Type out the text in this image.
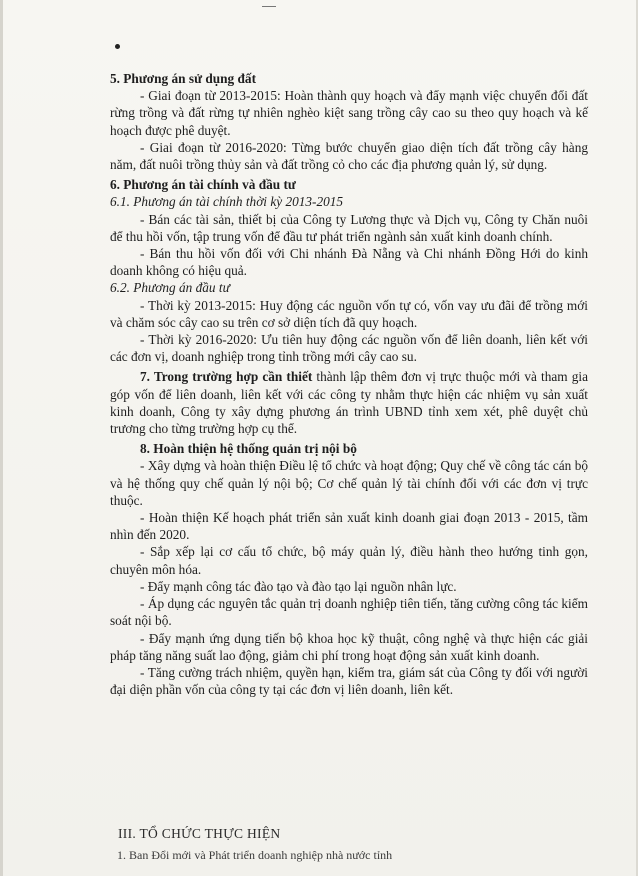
5. Phương án sử dụng đất

- Giai đoạn từ 2013-2015: Hoàn thành quy hoạch và đẩy mạnh việc chuyển đổi đất rừng trồng và đất rừng tự nhiên nghèo kiệt sang trồng cây cao su theo quy hoạch và kế hoạch được phê duyệt.

- Giai đoạn từ 2016-2020: Từng bước chuyển giao diện tích đất trồng cây hàng năm, đất nuôi trồng thủy sản và đất trồng cỏ cho các địa phương quản lý, sử dụng.

6. Phương án tài chính và đầu tư

6.1. Phương án tài chính thời kỳ 2013-2015

- Bán các tài sản, thiết bị của Công ty Lương thực và Dịch vụ, Công ty Chăn nuôi để thu hồi vốn, tập trung vốn để đầu tư phát triển ngành sản xuất kinh doanh chính.

- Bán thu hồi vốn đối với Chi nhánh Đà Nẵng và Chi nhánh Đồng Hới do kinh doanh không có hiệu quả.

6.2. Phương án đầu tư

- Thời kỳ 2013-2015: Huy động các nguồn vốn tự có, vốn vay ưu đãi để trồng mới và chăm sóc cây cao su trên cơ sở diện tích đã quy hoạch.

- Thời kỳ 2016-2020: Ưu tiên huy động các nguồn vốn để liên doanh, liên kết với các đơn vị, doanh nghiệp trong tỉnh trồng mới cây cao su.

7. Trong trường hợp cần thiết thành lập thêm đơn vị trực thuộc mới và tham gia góp vốn để liên doanh, liên kết với các công ty nhằm thực hiện các nhiệm vụ sản xuất kinh doanh, Công ty xây dựng phương án trình UBND tỉnh xem xét, phê duyệt chủ trương cho từng trường hợp cụ thể.

8. Hoàn thiện hệ thống quản trị nội bộ

- Xây dựng và hoàn thiện Điều lệ tổ chức và hoạt động; Quy chế về công tác cán bộ và hệ thống quy chế quản lý nội bộ; Cơ chế quản lý tài chính đối với các đơn vị trực thuộc.

- Hoàn thiện Kế hoạch phát triển sản xuất kinh doanh giai đoạn 2013 - 2015, tầm nhìn đến 2020.

- Sắp xếp lại cơ cấu tổ chức, bộ máy quản lý, điều hành theo hướng tinh gọn, chuyên môn hóa.

- Đẩy mạnh công tác đào tạo và đào tạo lại nguồn nhân lực.

- Áp dụng các nguyên tắc quản trị doanh nghiệp tiên tiến, tăng cường công tác kiểm soát nội bộ.

- Đẩy mạnh ứng dụng tiến bộ khoa học kỹ thuật, công nghệ và thực hiện các giải pháp tăng năng suất lao động, giảm chi phí trong hoạt động sản xuất kinh doanh.

- Tăng cường trách nhiệm, quyền hạn, kiểm tra, giám sát của Công ty đối với người đại diện phần vốn của công ty tại các đơn vị liên doanh, liên kết.

III. TỔ CHỨC THỰC HIỆN
1. Ban Đổi mới và Phát triển doanh nghiệp nhà nước tỉnh
